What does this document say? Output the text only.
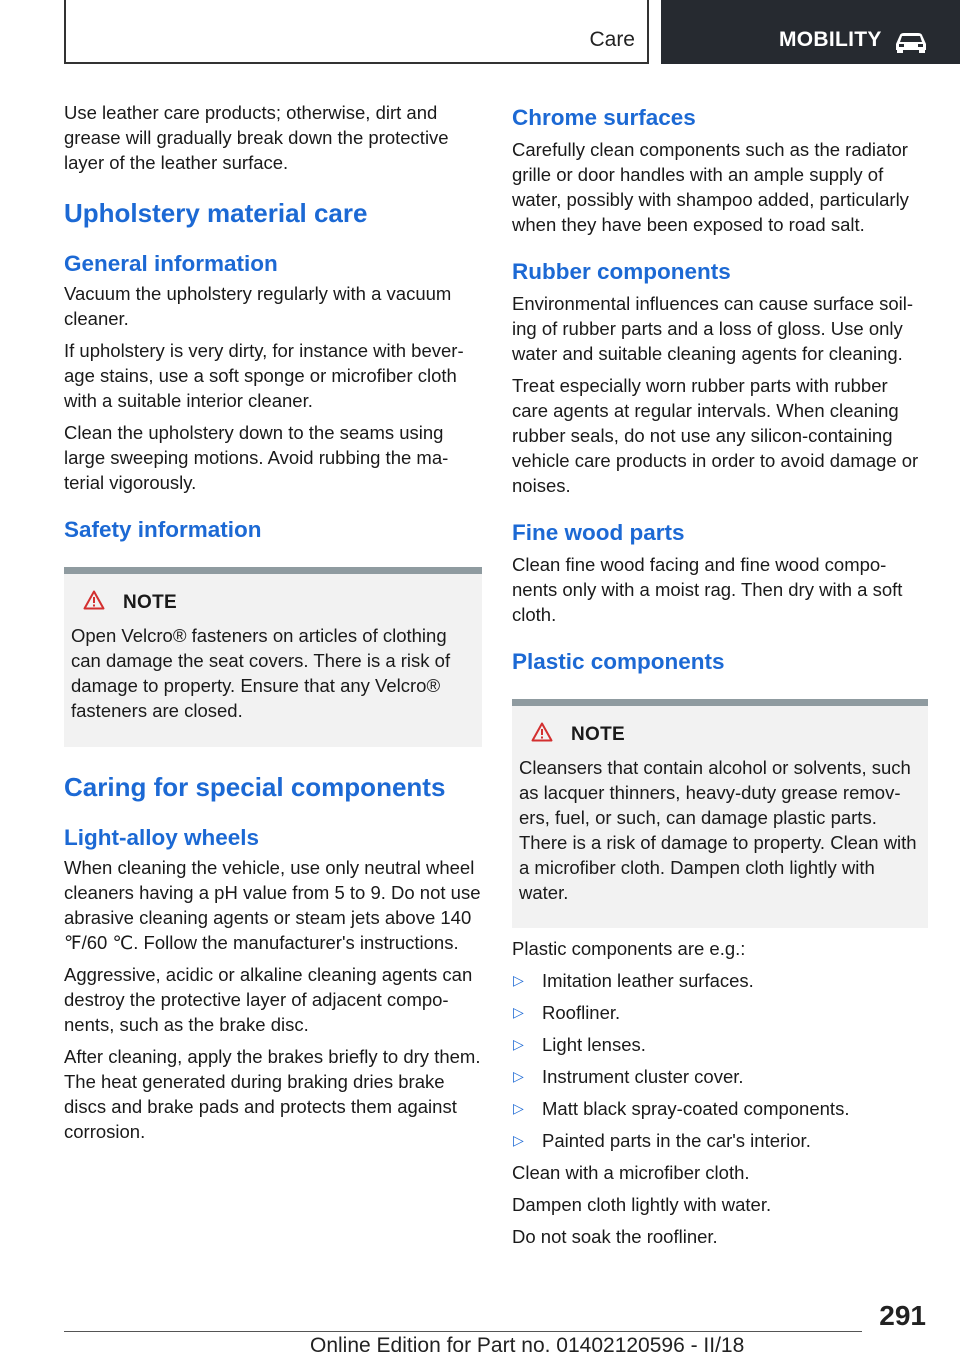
Care	MOBILITY

Use leather care products; otherwise, dirt and grease will gradually break down the protective layer of the leather surface.

Upholstery material care
General information

Vacuum the upholstery regularly with a vacuum cleaner.

If upholstery is very dirty, for instance with bever- age stains, use a soft sponge or microfiber cloth with a suitable interior cleaner.

Clean the upholstery down to the seams using large sweeping motions. Avoid rubbing the ma- terial vigorously.

Safety information
NOTE

Open Velcro® fasteners on articles of clothing can damage the seat covers. There is a risk of damage to property. Ensure that any Velcro® fasteners are closed.

Caring for special components
Light-alloy wheels

When cleaning the vehicle, use only neutral wheel cleaners having a pH value from 5 to 9. Do not use abrasive cleaning agents or steam jets above 140 ℉/60 ℃. Follow the manufacturer's instructions.

Aggressive, acidic or alkaline cleaning agents can destroy the protective layer of adjacent compo- nents, such as the brake disc.

After cleaning, apply the brakes briefly to dry them. The heat generated during braking dries brake discs and brake pads and protects them against corrosion.

Chrome surfaces

Carefully clean components such as the radiator grille or door handles with an ample supply of water, possibly with shampoo added, particularly when they have been exposed to road salt.

Rubber components

Environmental influences can cause surface soil- ing of rubber parts and a loss of gloss. Use only water and suitable cleaning agents for cleaning.

Treat especially worn rubber parts with rubber care agents at regular intervals. When cleaning rubber seals, do not use any silicon-containing vehicle care products in order to avoid damage or noises.

Fine wood parts

Clean fine wood facing and fine wood compo- nents only with a moist rag. Then dry with a soft cloth.

Plastic components
NOTE

Cleansers that contain alcohol or solvents, such as lacquer thinners, heavy-duty grease remov- ers, fuel, or such, can damage plastic parts. There is a risk of damage to property. Clean with a microfiber cloth. Dampen cloth lightly with water.

Plastic components are e.g.:

▷ Imitation leather surfaces.
▷ Roofliner.
▷ Light lenses.
▷ Instrument cluster cover.
▷ Matt black spray-coated components.
▷ Painted parts in the car's interior.

Clean with a microfiber cloth.

Dampen cloth lightly with water.

Do not soak the roofliner.

291
Online Edition for Part no. 01402120596 - II/18
